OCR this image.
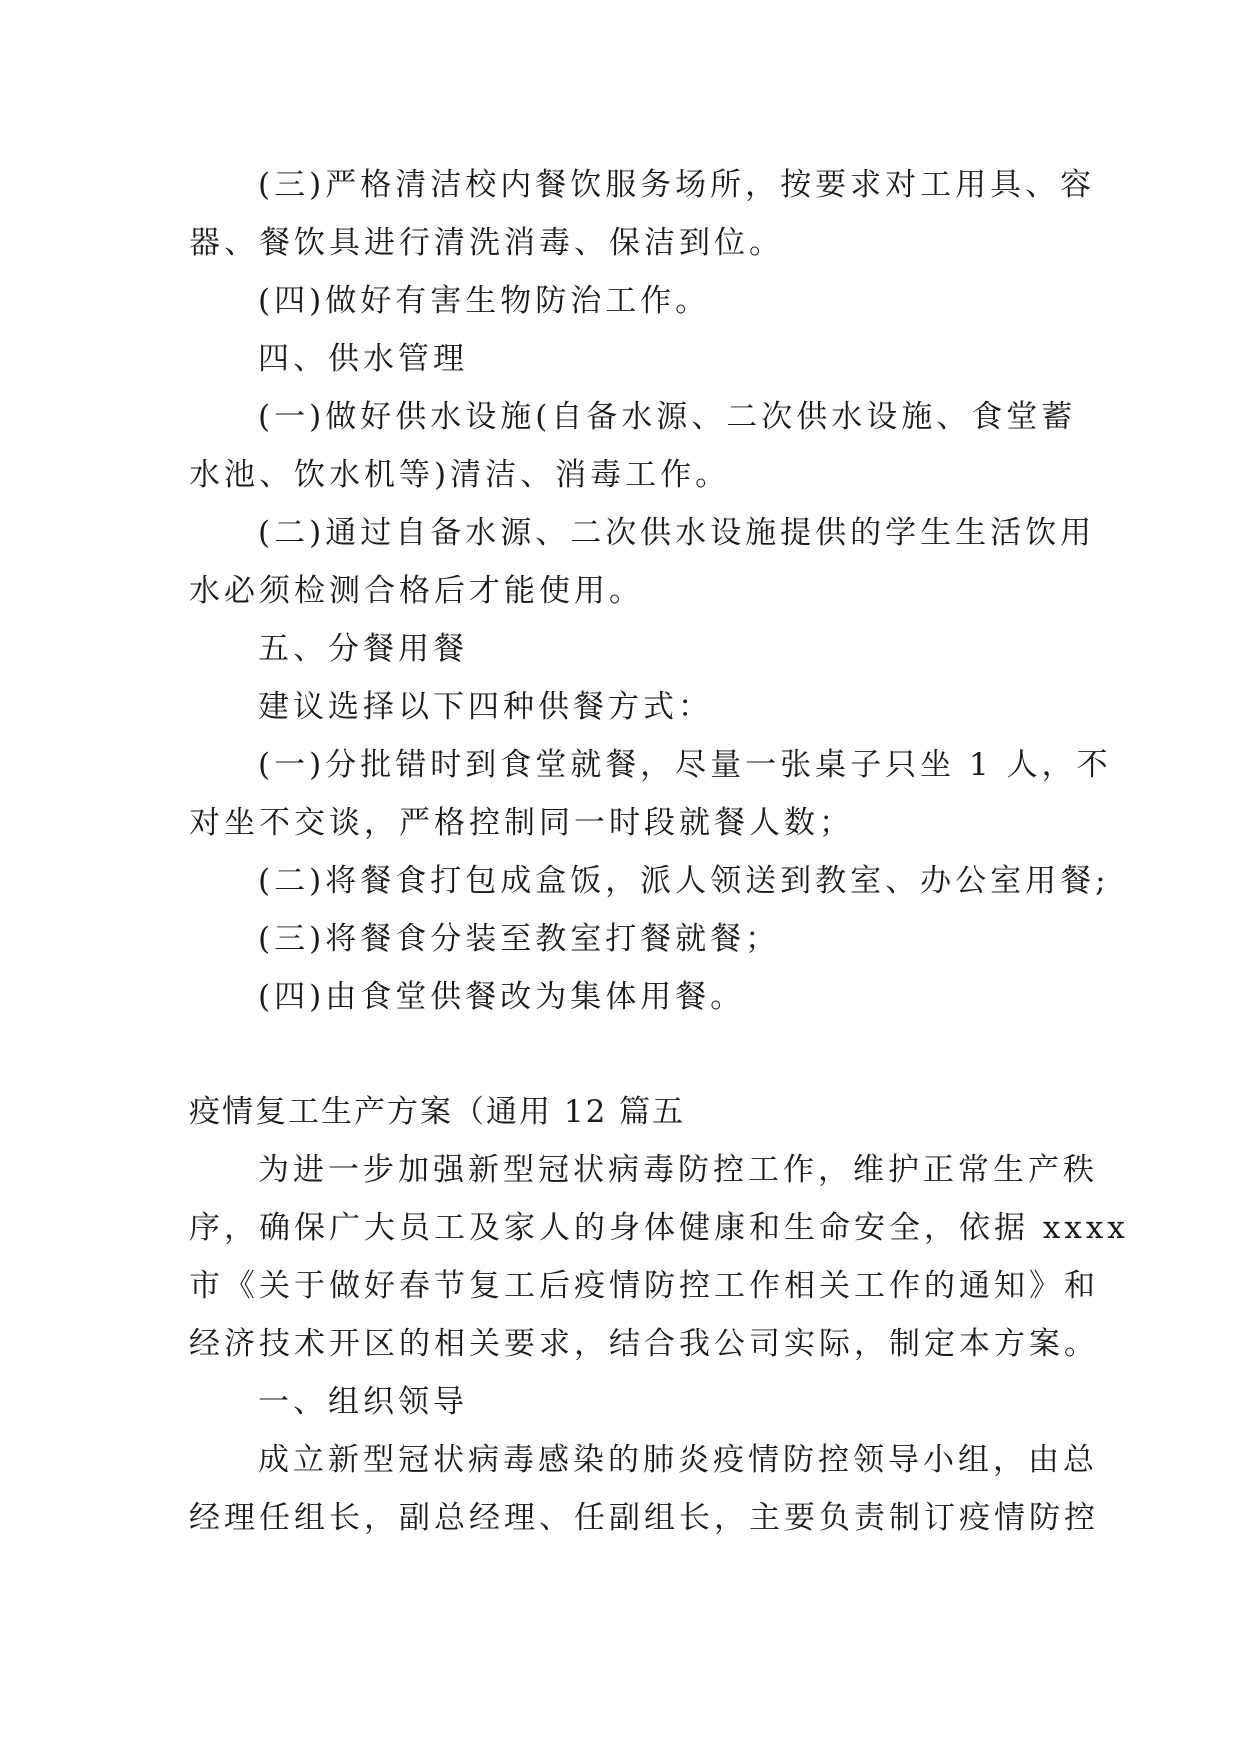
(三)严格清洁校内餐饮服务场所，按要求对工用具、容
器、餐饮具进行清洗消毒、保洁到位。
(四)做好有害生物防治工作。
四、供水管理
(一)做好供水设施(自备水源、二次供水设施、食堂蓄
水池、饮水机等)清洁、消毒工作。
(二)通过自备水源、二次供水设施提供的学生生活饮用
水必须检测合格后才能使用。
五、分餐用餐
建议选择以下四种供餐方式：
(一)分批错时到食堂就餐，尽量一张桌子只坐 1 人，不
对坐不交谈，严格控制同一时段就餐人数；
(二)将餐食打包成盒饭，派人领送到教室、办公室用餐;
(三)将餐食分装至教室打餐就餐；
(四)由食堂供餐改为集体用餐。
疫情复工生产方案（通用 12 篇五
为进一步加强新型冠状病毒防控工作，维护正常生产秩
序，确保广大员工及家人的身体健康和生命安全，依据 xxxx
市《关于做好春节复工后疫情防控工作相关工作的通知》和
经济技术开区的相关要求，结合我公司实际，制定本方案。
一、组织领导
成立新型冠状病毒感染的肺炎疫情防控领导小组，由总
经理任组长，副总经理、任副组长，主要负责制订疫情防控
